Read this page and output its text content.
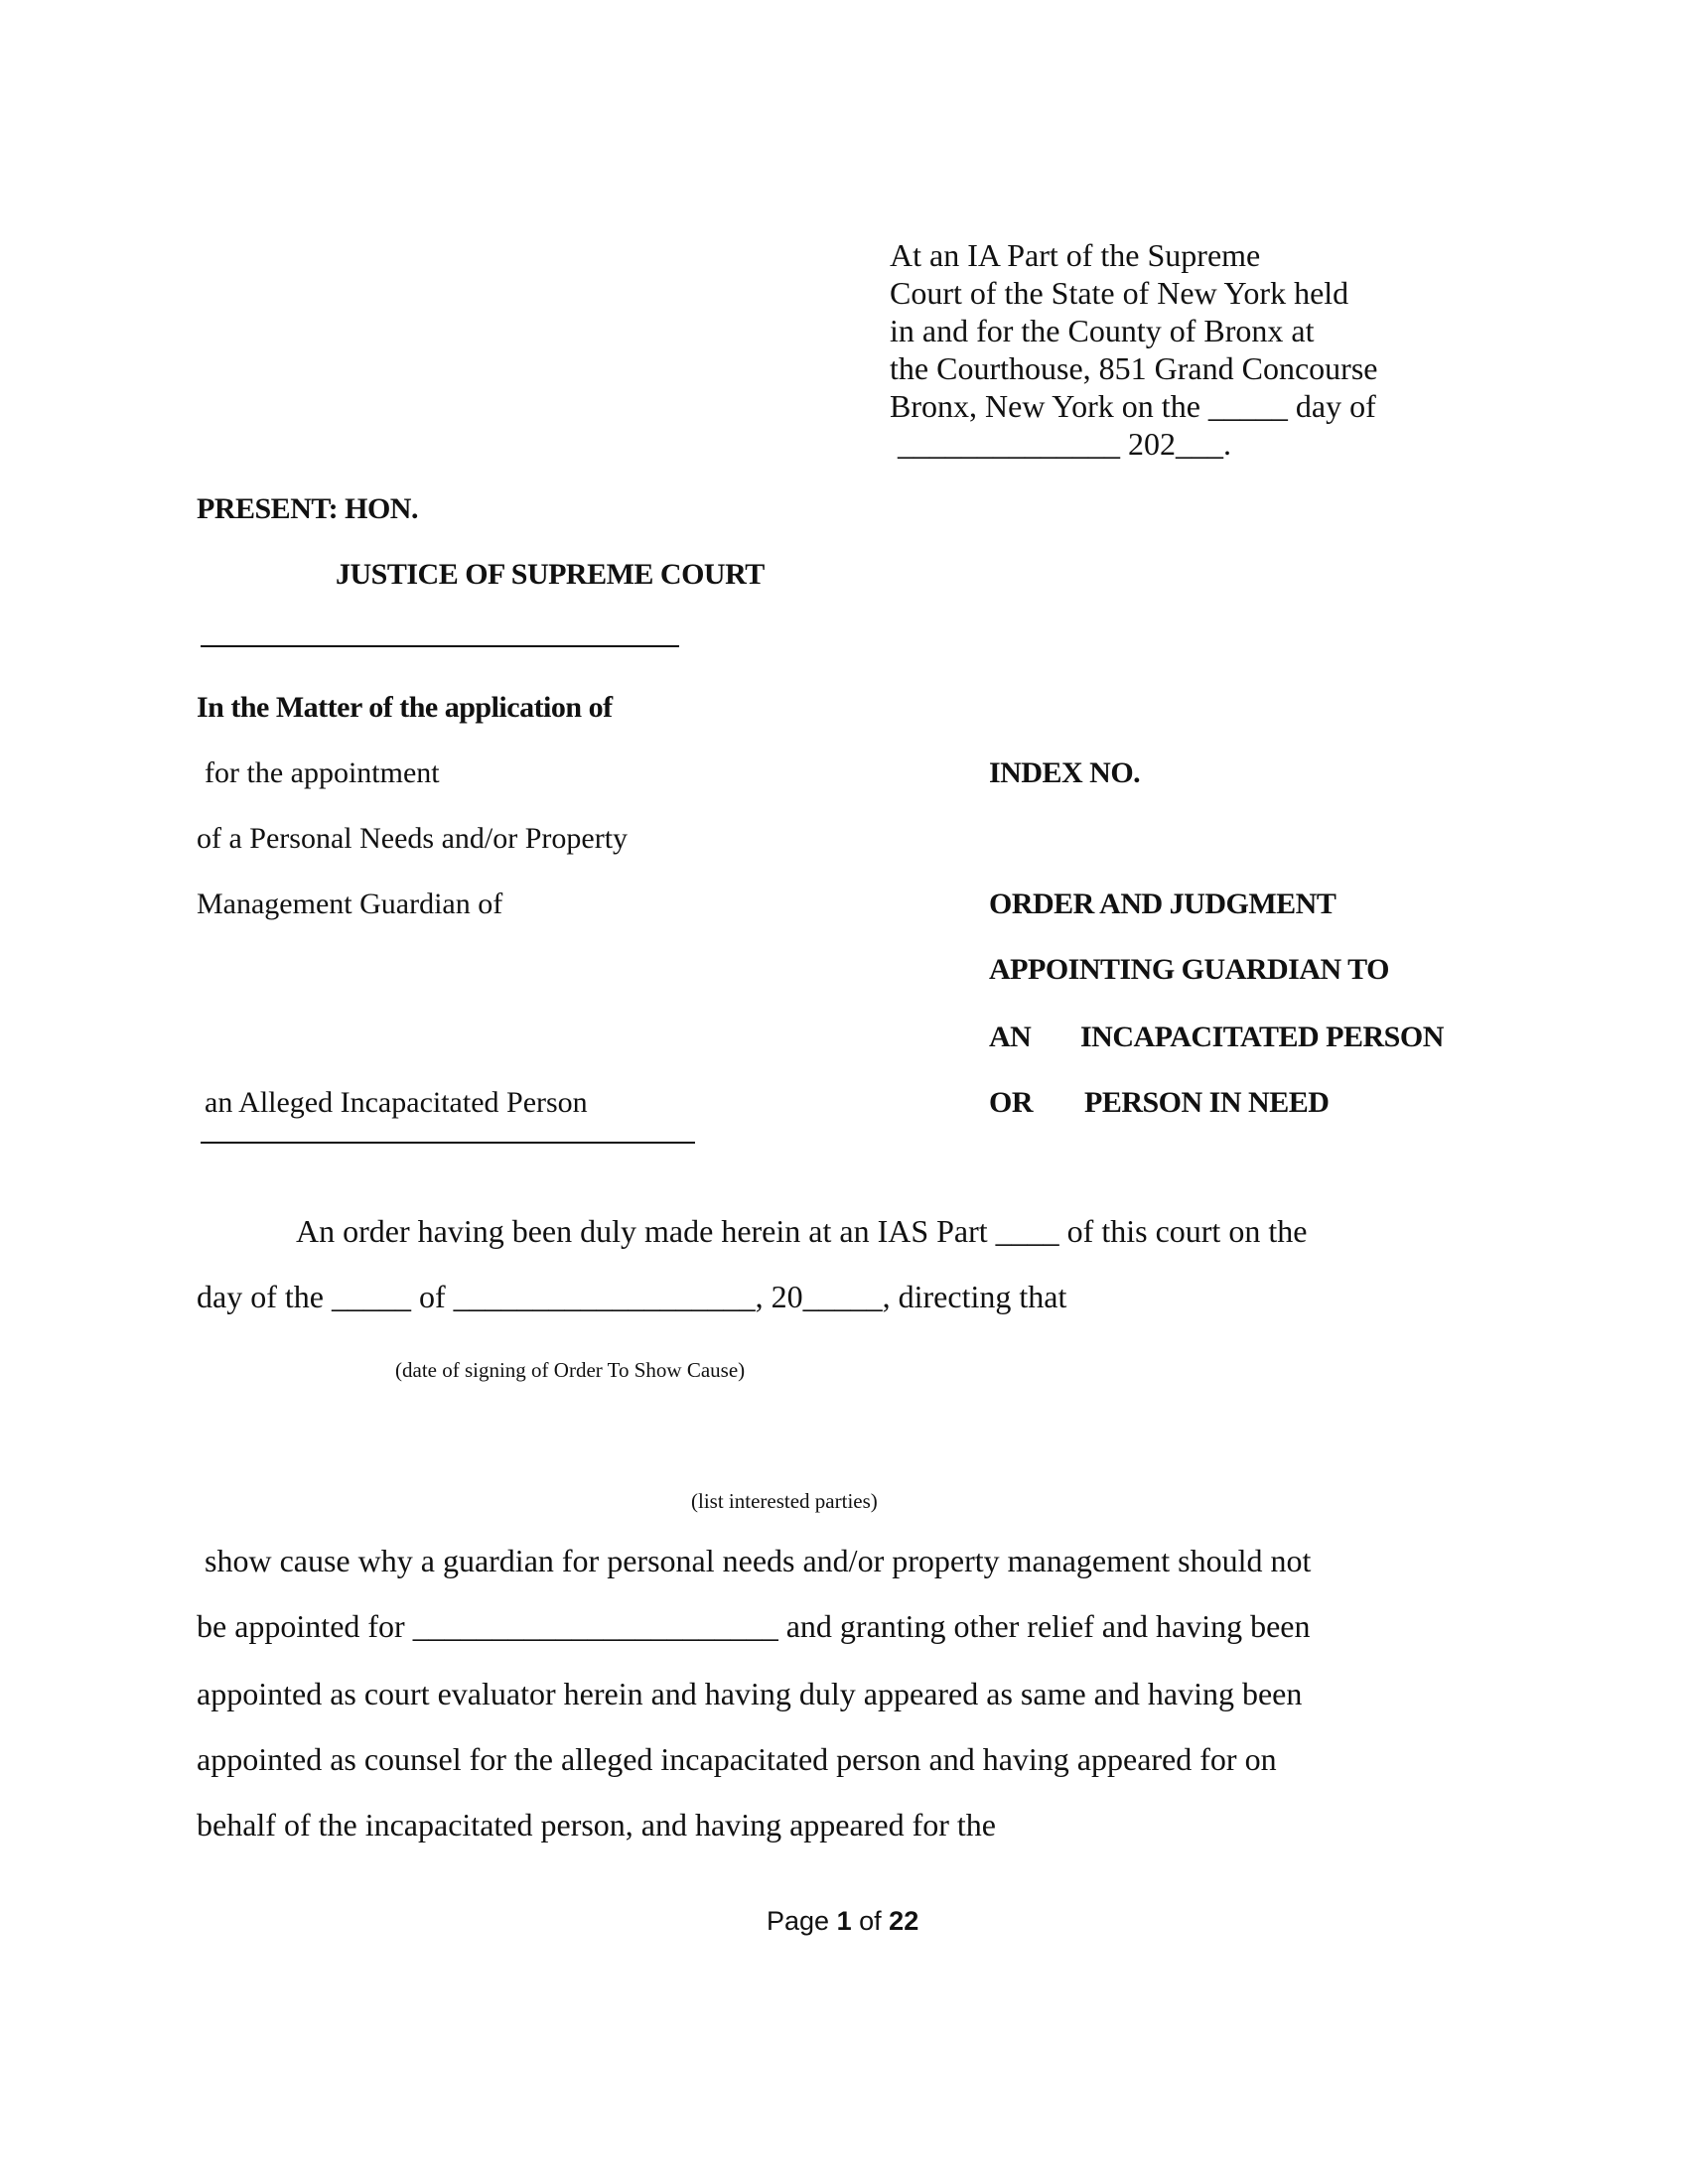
At an IA Part of the Supreme
Court of the State of New York held
in and for the County of Bronx at
the Courthouse, 851 Grand Concourse
Bronx, New York on the _____ day of
______________ 202___.
PRESENT: HON.
JUSTICE OF SUPREME COURT
In the Matter of the application of
for the appointment
of a Personal Needs and/or Property
Management Guardian of
an Alleged Incapacitated Person
INDEX NO.
ORDER AND JUDGMENT
APPOINTING GUARDIAN TO
AN INCAPACITATED PERSON
OR PERSON IN NEED
An order having been duly made herein at an IAS Part ____ of this court on the
day of the _____ of ___________________, 20_____, directing that
(date of signing of Order To Show Cause)
(list interested parties)
show cause why a guardian for personal needs and/or property management should not
be appointed for _______________________ and granting other relief and having been
appointed as court evaluator herein and having duly appeared as same and having been
appointed as counsel for the alleged incapacitated person and having appeared for on
behalf of the incapacitated person, and having appeared for the
Page 1 of 22
